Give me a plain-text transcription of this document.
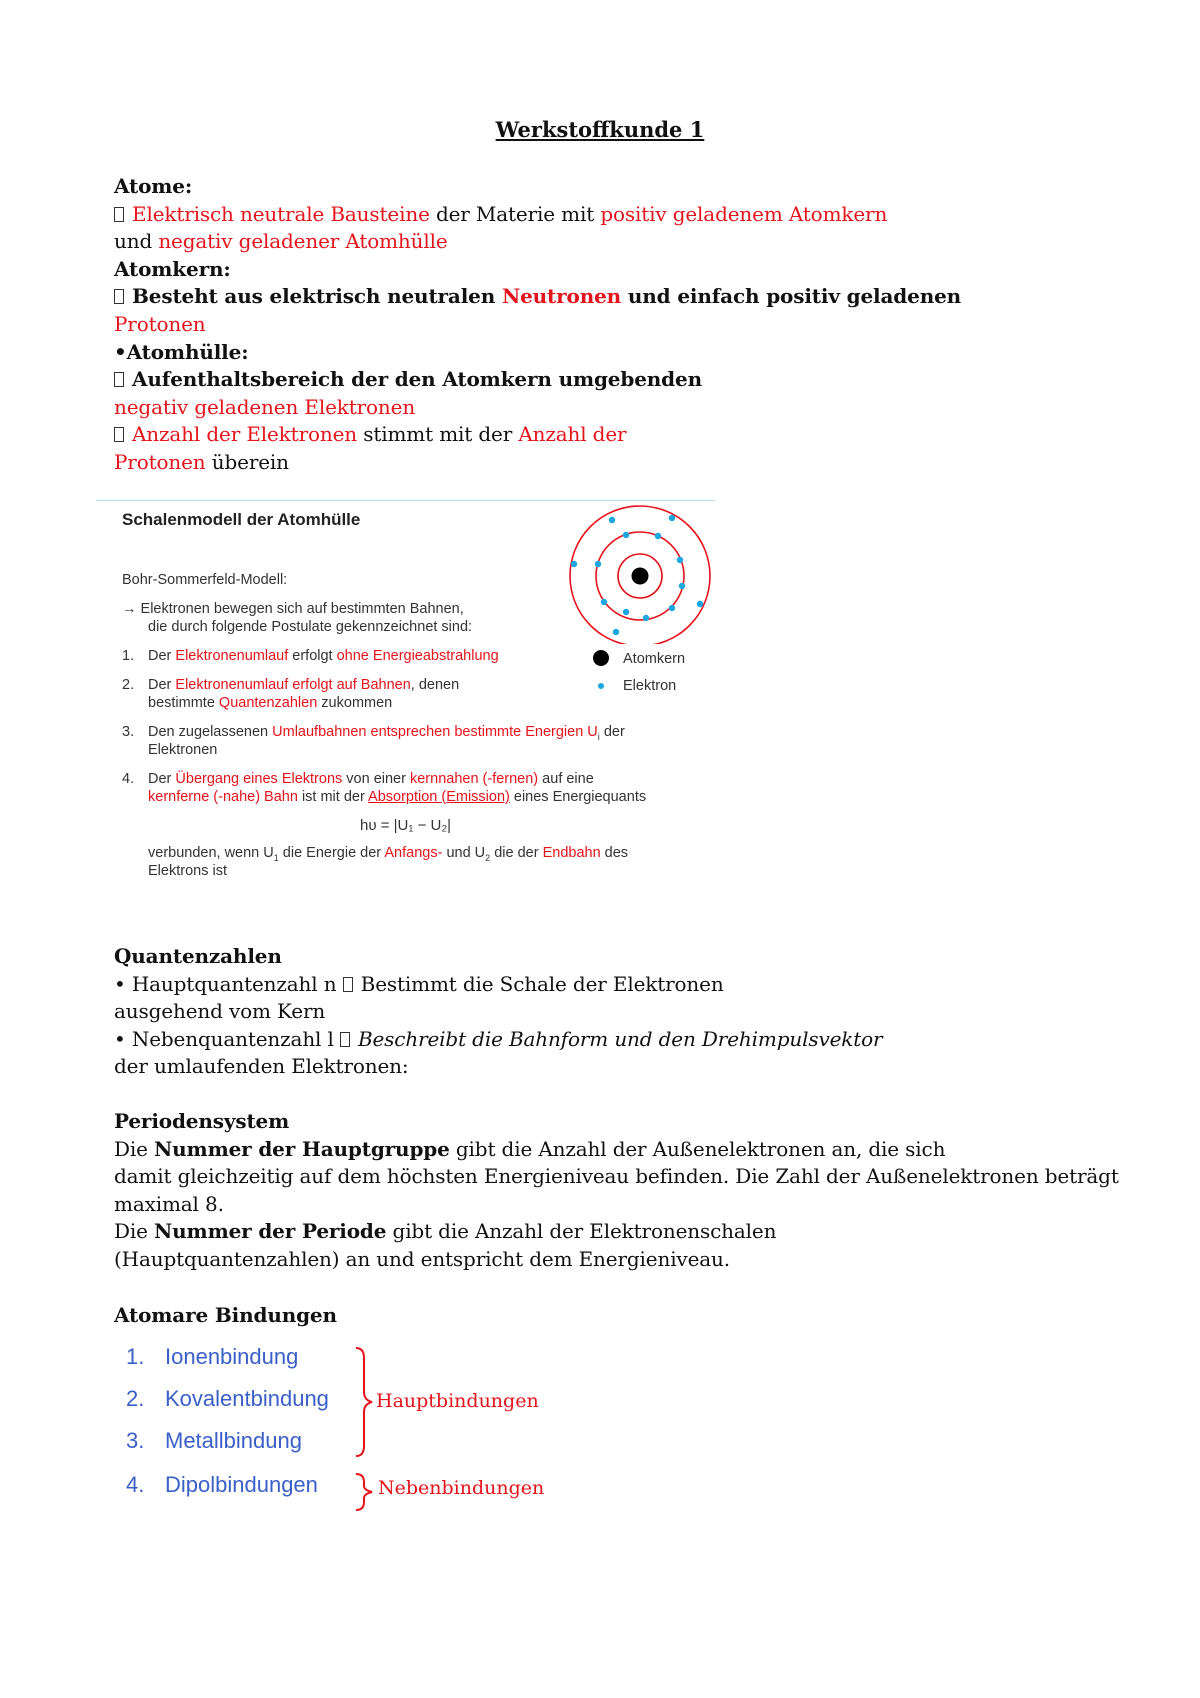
Werkstoffkunde 1
Atome:
Elektrisch neutrale Bausteine der Materie mit positiv geladenem Atomkern
und negativ geladener Atomhülle
Atomkern:
Besteht aus elektrisch neutralen Neutronen und einfach positiv geladenen
Protonen
•Atomhülle:
Aufenthaltsbereich der den Atomkern umgebenden
negativ geladenen Elektronen
Anzahl der Elektronen stimmt mit der Anzahl der
Protonen überein
Schalenmodell der Atomhülle
Bohr-Sommerfeld-Modell:
→ Elektronen bewegen sich auf bestimmten Bahnen,
die durch folgende Postulate gekennzeichnet sind:
1. Der Elektronenumlauf erfolgt ohne Energieabstrahlung
2. Der Elektronenumlauf erfolgt auf Bahnen, denen
bestimmte Quantenzahlen zukommen
3. Den zugelassenen Umlaufbahnen entsprechen bestimmte Energien $U_i$ der
Elektronen
4. Der Übergang eines Elektrons von einer kernnahen (-fernen) auf eine
kernferne (-nahe) Bahn ist mit der Absorption (Emission) eines Energiequants
hυ = |U₁ − U₂|
verbunden, wenn $U_1$ die Energie der Anfangs- und $U_2$ die der Endbahn des
Elektrons ist
Atomkern
Elektron
Quantenzahlen
• Hauptquantenzahl n Bestimmt die Schale der Elektronen
ausgehend vom Kern
• Nebenquantenzahl l Beschreibt die Bahnform und den Drehimpulsvektor
der umlaufenden Elektronen:
Periodensystem
Die Nummer der Hauptgruppe gibt die Anzahl der Außenelektronen an, die sich
damit gleichzeitig auf dem höchsten Energieniveau befinden. Die Zahl der Außenelektronen beträgt
maximal 8.
Die Nummer der Periode gibt die Anzahl der Elektronenschalen
(Hauptquantenzahlen) an und entspricht dem Energieniveau.
Atomare Bindungen
1. Ionenbindung
2. Kovalentbindung
3. Metallbindung
4. Dipolbindungen
Hauptbindungen
Nebenbindungen
